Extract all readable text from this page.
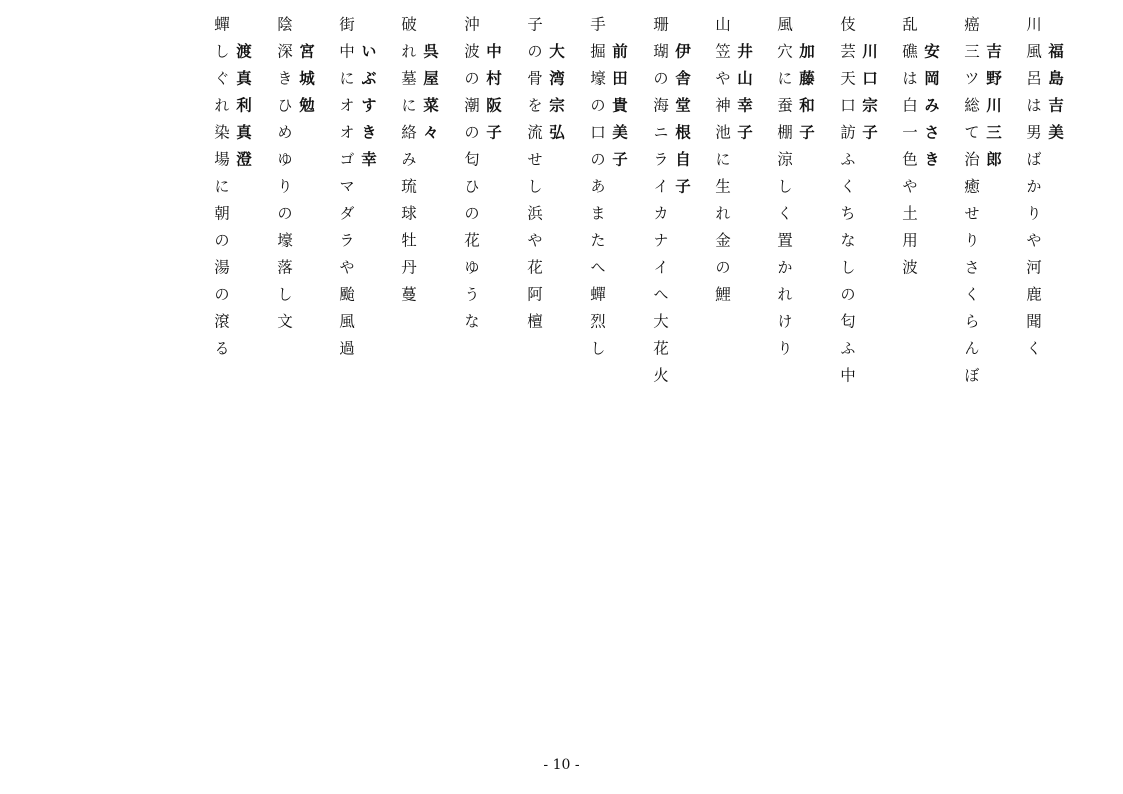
川風呂は男ばかりや河鹿聞く 福島吉美
癌三ツ総て治癒せりさくらんぼ 吉野川三郎
乱礁は白一色や土用波 安岡みさき
伎芸天口訪ふくちなしの匂ふ中 川口宗子
風穴に蚕棚涼しく置かれけり 加藤和子
山笠や神池に生れ金の鯉 井山幸子
珊瑚の海ニライカナイへ大花火 伊舎堂根自子
手掘壕の口のあまたへ蟬烈し 前田貴美子
子の骨を流せし浜や花阿檀 大湾宗弘
沖波の潮の匂ひの花ゆうな 中村阪子
破れ墓に絡み琉球牡丹蔓 呉屋菜々
街中にオオゴマダラや颱風過 いぶすき幸
陰深きひめゆりの壕落し文 宮城勉
蟬しぐれ染場に朝の湯の滾る 渡真利真澄
- 10 -
